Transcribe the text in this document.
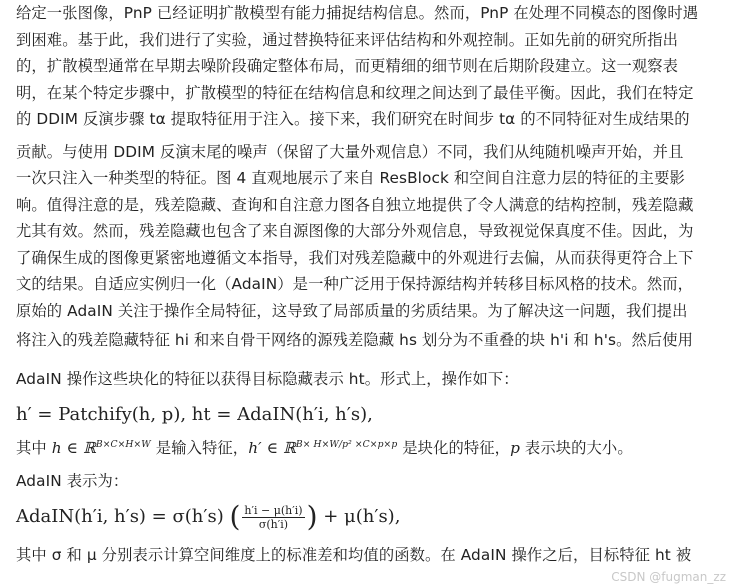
给定一张图像，PnP 已经证明扩散模型有能力捕捉结构信息。然而，PnP 在处理不同模态的图像时遇
到困难。基于此，我们进行了实验，通过替换特征来评估结构和外观控制。正如先前的研究所指出
的，扩散模型通常在早期去噪阶段确定整体布局，而更精细的细节则在后期阶段建立。这一观察表
明，在某个特定步骤中，扩散模型的特征在结构信息和纹理之间达到了最佳平衡。因此，我们在特定
的 DDIM 反演步骤 tα 提取特征用于注入。接下来，我们研究在时间步 tα 的不同特征对生成结果的
贡献。与使用 DDIM 反演末尾的噪声（保留了大量外观信息）不同，我们从纯随机噪声开始，并且
一次只注入一种类型的特征。图 4 直观地展示了来自 ResBlock 和空间自注意力层的特征的主要影
响。值得注意的是，残差隐藏、查询和自注意力图各自独立地提供了令人满意的结构控制，残差隐藏
尤其有效。然而，残差隐藏也包含了来自源图像的大部分外观信息，导致视觉保真度不佳。因此，为
了确保生成的图像更紧密地遵循文本指导，我们对残差隐藏中的外观进行去偏，从而获得更符合上下
文的结果。自适应实例归一化（AdaIN）是一种广泛用于保持源结构并转移目标风格的技术。然而，
原始的 AdaIN 关注于操作全局特征，这导致了局部质量的劣质结果。为了解决这一问题，我们提出
将注入的残差隐藏特征 hi 和来自骨干网络的源残差隐藏 hs 划分为不重叠的块 h'i 和 h's。然后使用

AdaIN 操作这些块化的特征以获得目标隐藏表示 ht。形式上，操作如下：

h′ = Patchify(h, p), ht = AdaIN(h′i, h′s),

其中 h ∈ ℝ$^{B\times C\times H\times W}$ 是输入特征，h′ ∈ ℝ$^{B\times H\times W/p^2 \times C\times p\times p}$ 是块化的特征，p 表示块的大小。

AdaIN 表示为：

AdaIN(h′i, h′s) = σ(h′s) ( $\frac{h'i - \mu(h'i)}{\sigma(h'i)}$ ) + μ(h′s),

其中 σ 和 μ 分别表示计算空间维度上的标准差和均值的函数。在 AdaIN 操作之后，目标特征 ht 被

CSDN @fugman_zz
